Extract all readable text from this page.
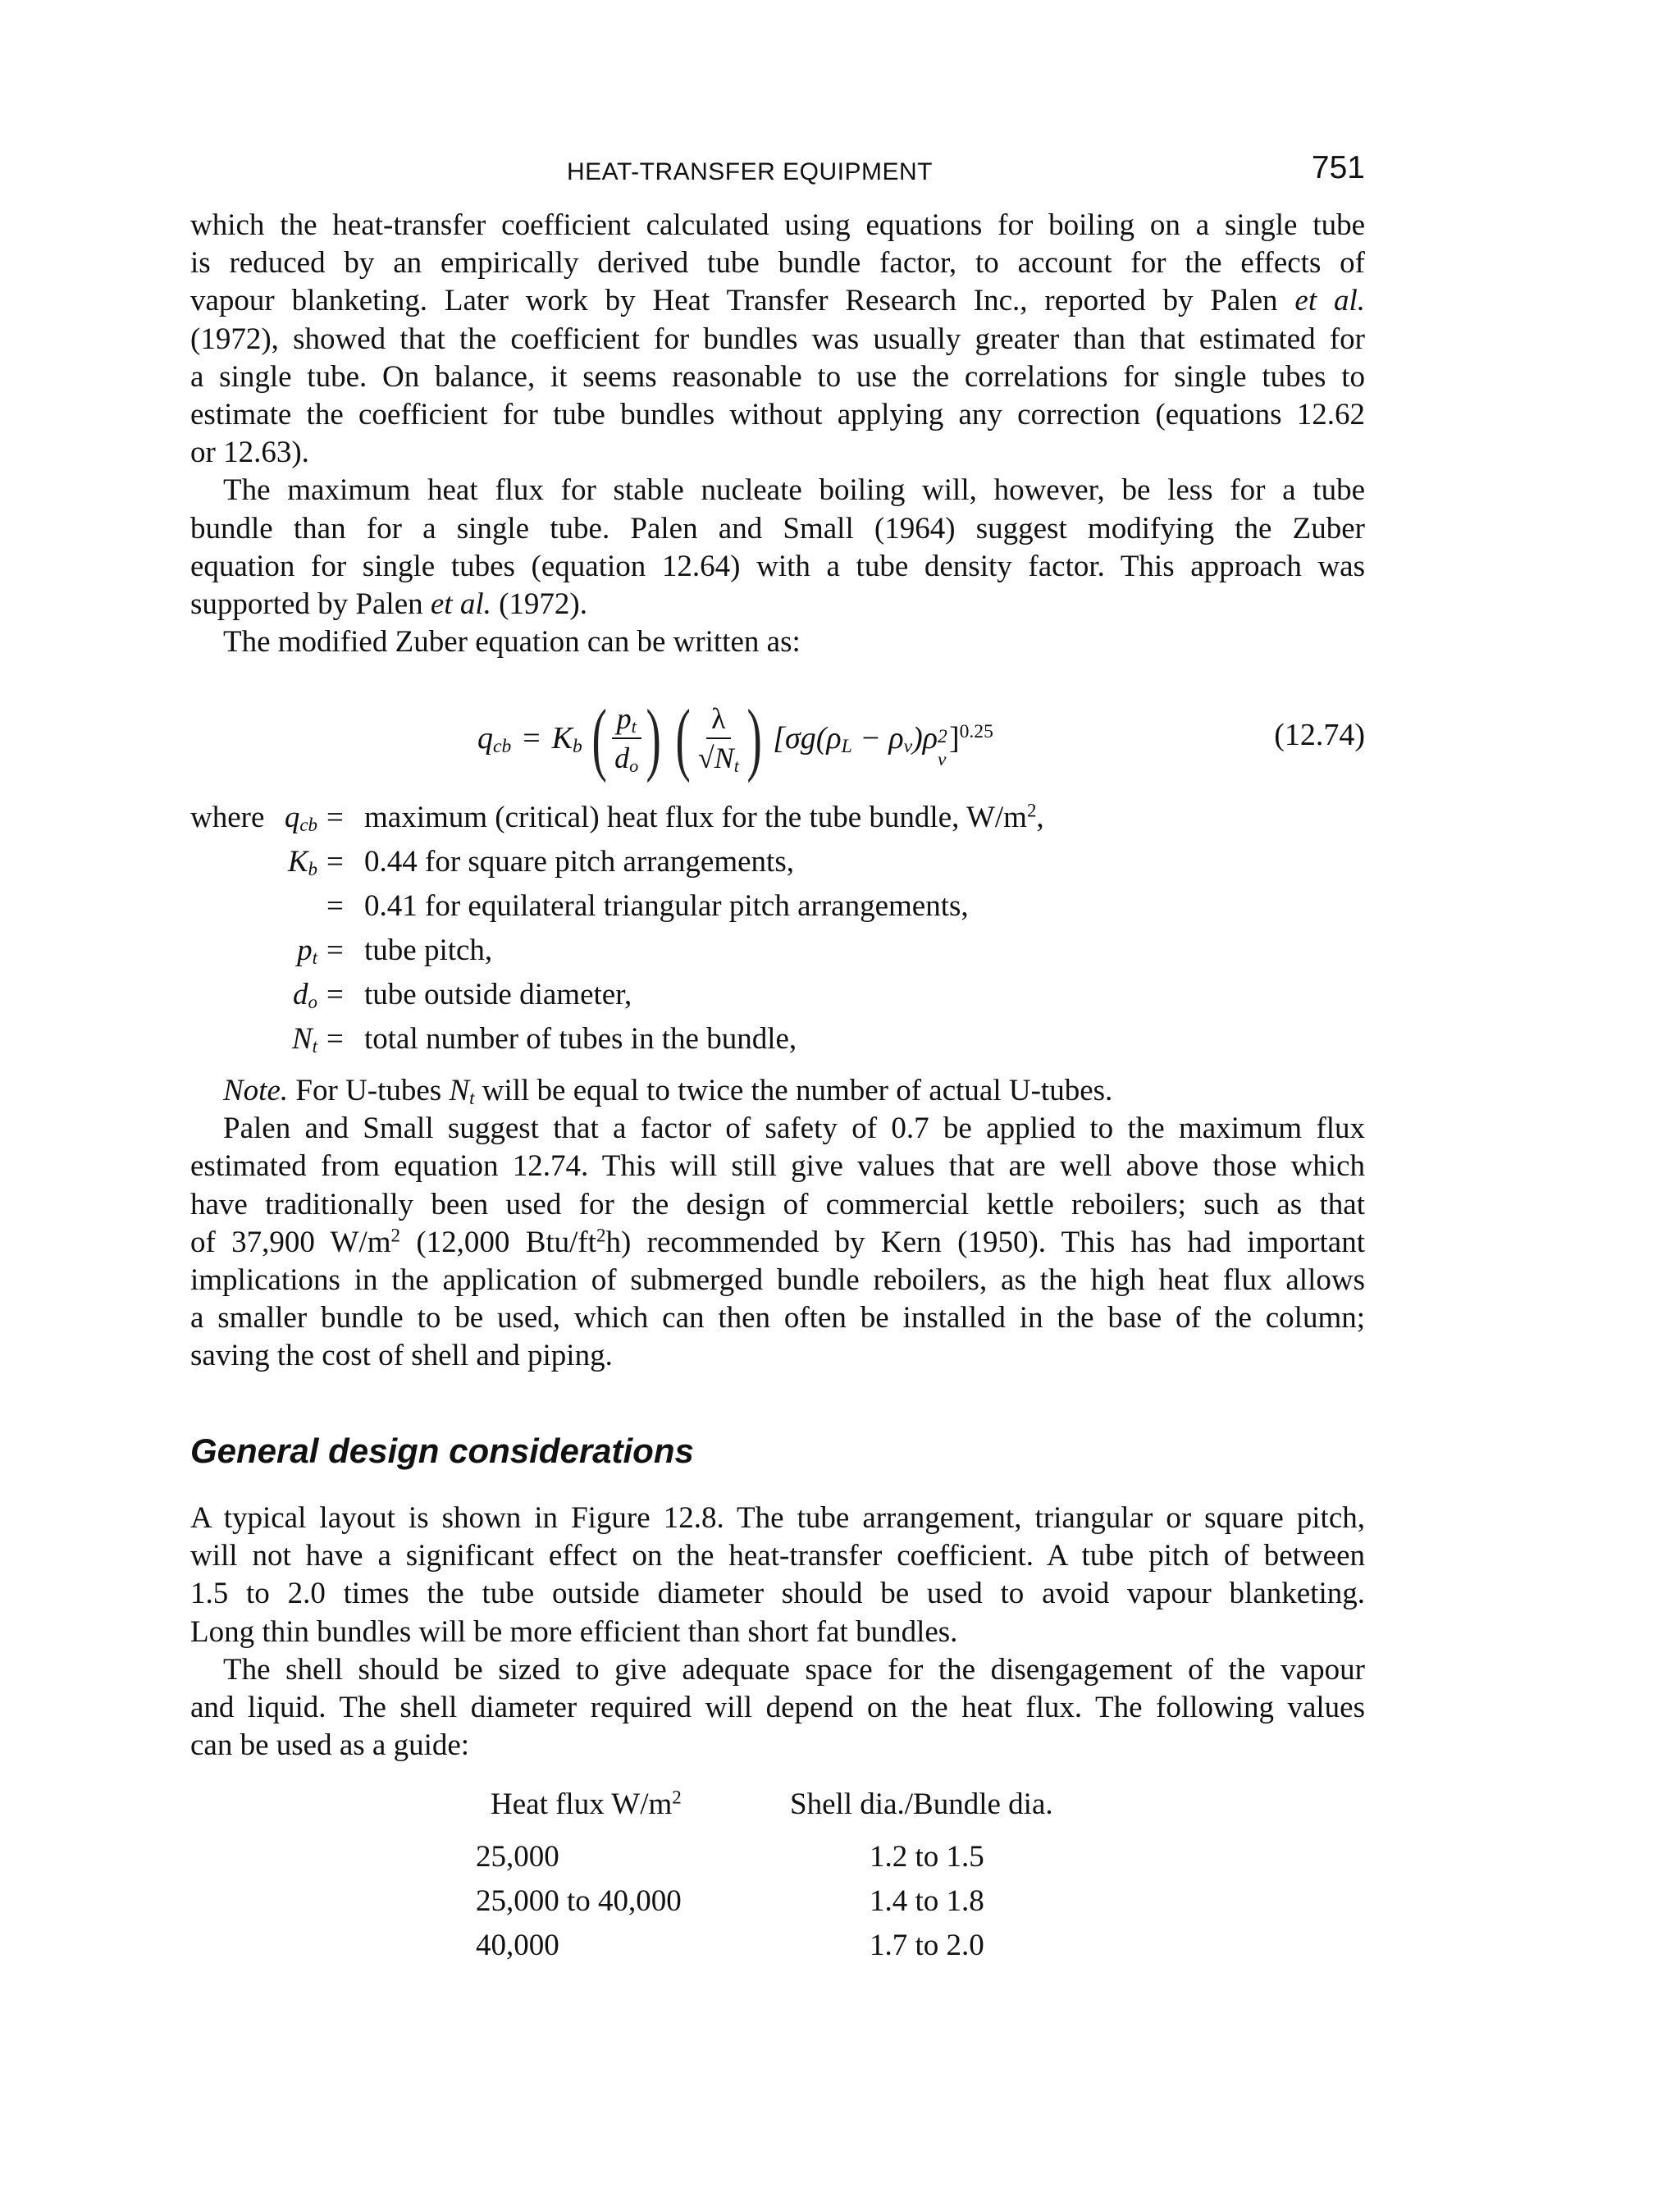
HEAT-TRANSFER EQUIPMENT	751

which the heat-transfer coefficient calculated using equations for boiling on a single tube
is reduced by an empirically derived tube bundle factor, to account for the effects of
vapour blanketing. Later work by Heat Transfer Research Inc., reported by Palen et al.
(1972), showed that the coefficient for bundles was usually greater than that estimated for
a single tube. On balance, it seems reasonable to use the correlations for single tubes to
estimate the coefficient for tube bundles without applying any correction (equations 12.62
or 12.63).

The maximum heat flux for stable nucleate boiling will, however, be less for a tube
bundle than for a single tube. Palen and Small (1964) suggest modifying the Zuber
equation for single tubes (equation 12.64) with a tube density factor. This approach was
supported by Palen et al. (1972).

The modified Zuber equation can be written as:

$q_{cb} = K_b$ ( $\frac{p_t}{d_o}$ ) ( $\frac{\lambda}{√N_t}$ ) [$\sigma g(\rho_L - \rho_v)\rho$ 2
v
]$^{0.25}$	(12.74)
where $q_{cb}$ = maximum (critical) heat flux for the tube bundle, $W/m^2$,
$K_b = 0.44$ for square pitch arrangements,
= 0.41 for equilateral triangular pitch arrangements,
$p_t$ = tube pitch,
$d_o$ = tube outside diameter,
$N_t$ = total number of tubes in the bundle,

Note. For U-tubes $N_t$ will be equal to twice the number of actual U-tubes.

Palen and Small suggest that a factor of safety of 0.7 be applied to the maximum flux
estimated from equation 12.74. This will still give values that are well above those which
have traditionally been used for the design of commercial kettle reboilers; such as that
of 37,900 $W/m^2$ (12,000 Btu/$ft^2h$) recommended by Kern (1950). This has had important
implications in the application of submerged bundle reboilers, as the high heat flux allows
a smaller bundle to be used, which can then often be installed in the base of the column;
saving the cost of shell and piping.

General design considerations

A typical layout is shown in Figure 12.8. The tube arrangement, triangular or square pitch,
will not have a significant effect on the heat-transfer coefficient. A tube pitch of between
1.5 to 2.0 times the tube outside diameter should be used to avoid vapour blanketing.
Long thin bundles will be more efficient than short fat bundles.

The shell should be sized to give adequate space for the disengagement of the vapour
and liquid. The shell diameter required will depend on the heat flux. The following values
can be used as a guide:

Heat flux $W/m^2$	Shell dia./Bundle dia.
25,000	1.2 to 1.5
25,000 to 40,000	1.4 to 1.8
40,000	1.7 to 2.0
